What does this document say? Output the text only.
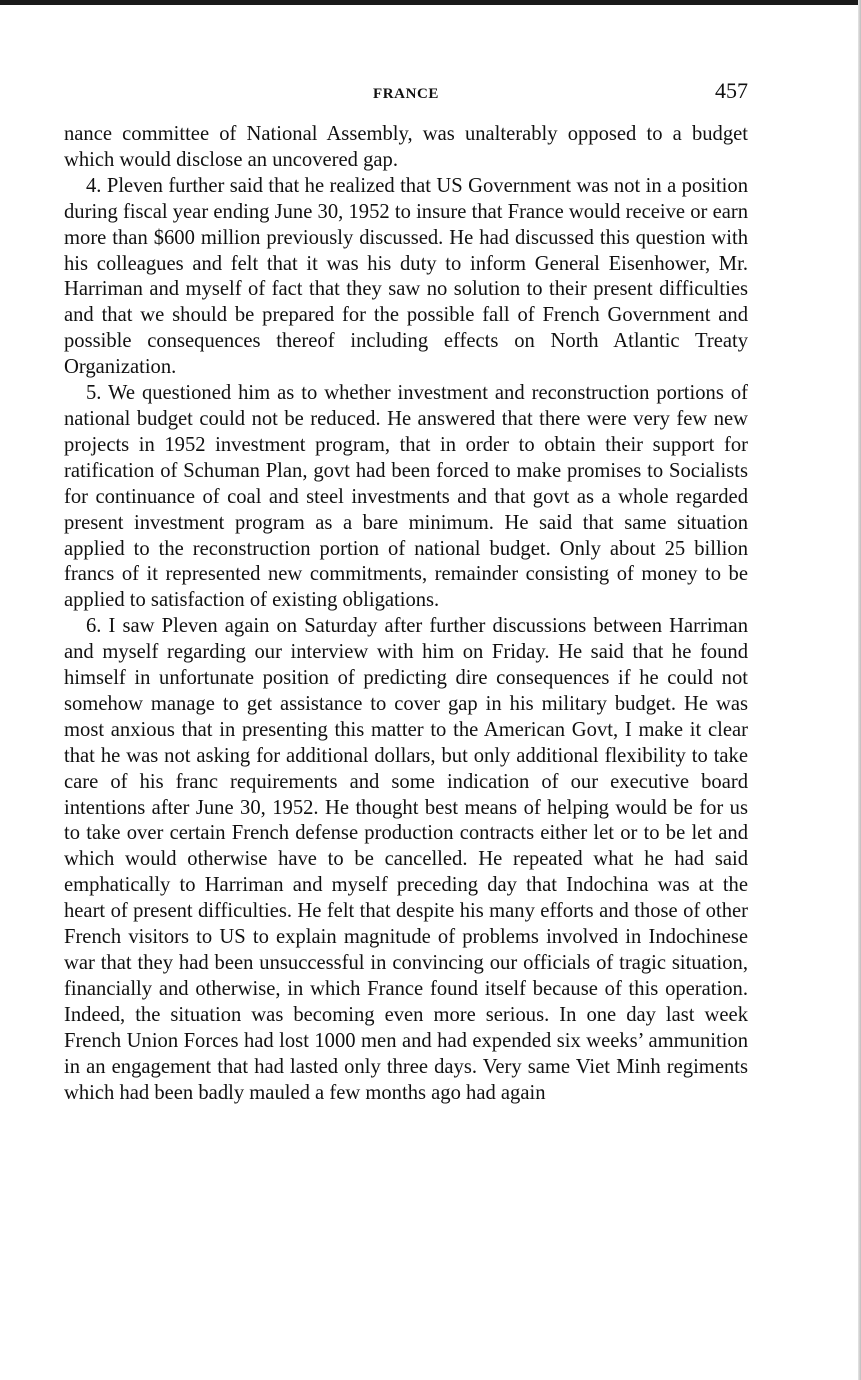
FRANCE	457

nance committee of National Assembly, was unalterably opposed to a budget which would disclose an uncovered gap.

4. Pleven further said that he realized that US Government was not in a position during fiscal year ending June 30, 1952 to insure that France would receive or earn more than $600 million previously discussed. He had discussed this question with his colleagues and felt that it was his duty to inform General Eisenhower, Mr. Harriman and myself of fact that they saw no solution to their present difficulties and that we should be prepared for the possible fall of French Government and possible consequences thereof including effects on North Atlantic Treaty Organization.

5. We questioned him as to whether investment and reconstruction portions of national budget could not be reduced. He answered that there were very few new projects in 1952 investment program, that in order to obtain their support for ratification of Schuman Plan, govt had been forced to make promises to Socialists for continuance of coal and steel investments and that govt as a whole regarded present investment program as a bare minimum. He said that same situation applied to the reconstruction portion of national budget. Only about 25 billion francs of it represented new commitments, remainder consisting of money to be applied to satisfaction of existing obligations.

6. I saw Pleven again on Saturday after further discussions between Harriman and myself regarding our interview with him on Friday. He said that he found himself in unfortunate position of predicting dire consequences if he could not somehow manage to get assistance to cover gap in his military budget. He was most anxious that in presenting this matter to the American Govt, I make it clear that he was not asking for additional dollars, but only additional flexibility to take care of his franc requirements and some indication of our executive board intentions after June 30, 1952. He thought best means of helping would be for us to take over certain French defense production contracts either let or to be let and which would otherwise have to be cancelled. He repeated what he had said emphatically to Harriman and myself preceding day that Indochina was at the heart of present difficulties. He felt that despite his many efforts and those of other French visitors to US to explain magnitude of problems involved in Indochinese war that they had been unsuccessful in convincing our officials of tragic situation, financially and otherwise, in which France found itself because of this operation. Indeed, the situation was becoming even more serious. In one day last week French Union Forces had lost 1000 men and had expended six weeks’ ammunition in an engagement that had lasted only three days. Very same Viet Minh regiments which had been badly mauled a few months ago had again
